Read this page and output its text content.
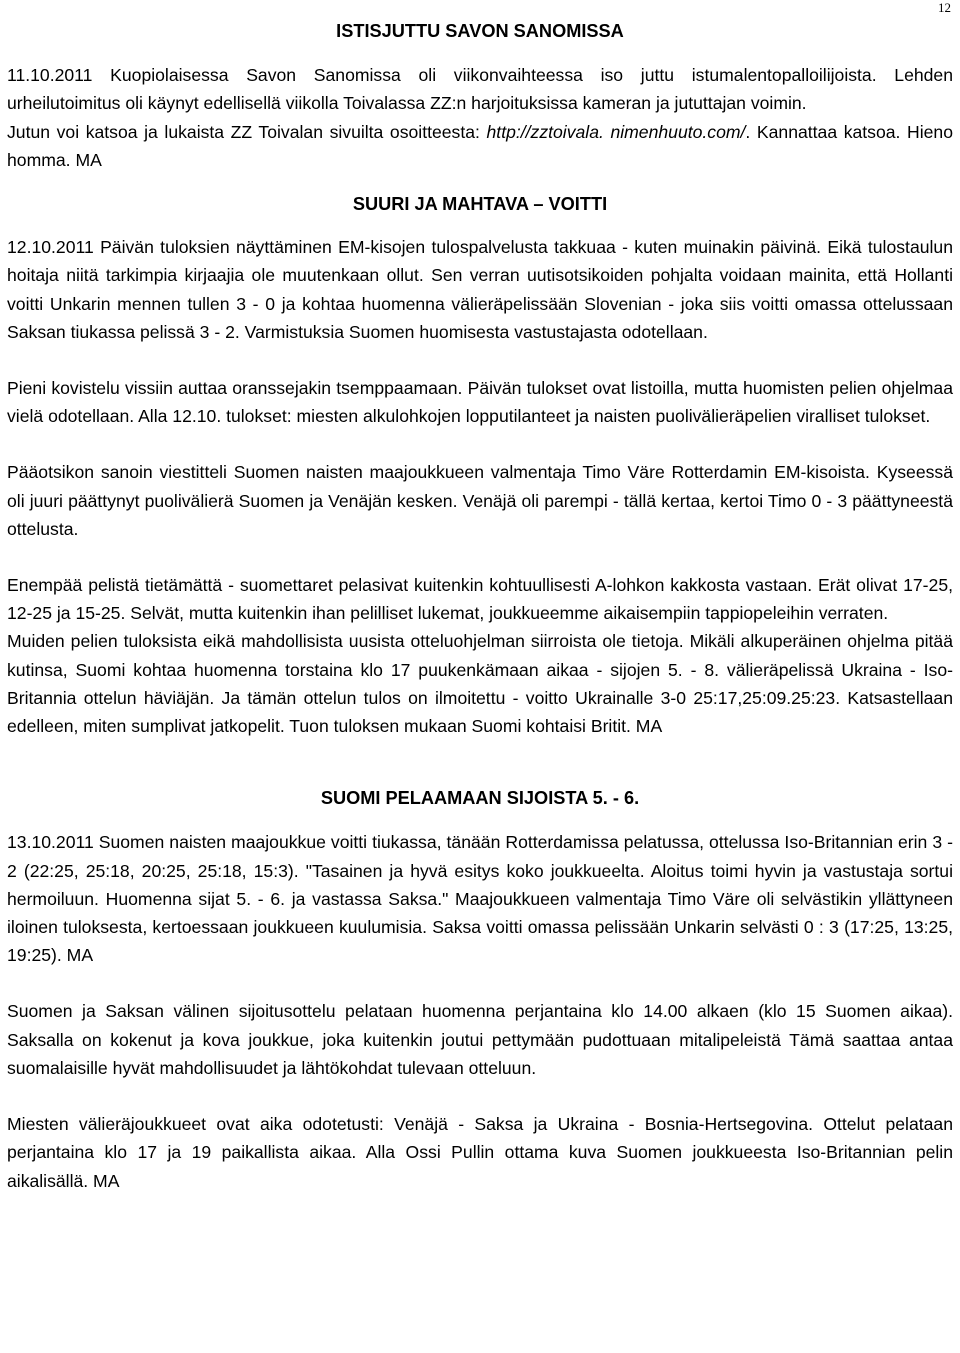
12

ISTISJUTTU SAVON SANOMISSA

11.10.2011 Kuopiolaisessa Savon Sanomissa oli viikonvaihteessa iso juttu istumalentopalloilijoista. Lehden urheilutoimitus oli käynyt edellisellä viikolla Toivalassa ZZ:n harjoituksissa kameran ja jututtajan voimin.

Jutun voi katsoa ja lukaista ZZ Toivalan sivuilta osoitteesta: http://zztoivala. nimenhuuto.com/. Kannattaa katsoa. Hieno homma. MA

SUURI JA MAHTAVA – VOITTI

12.10.2011 Päivän tuloksien näyttäminen EM-kisojen tulospalvelusta takkuaa - kuten muinakin päivinä. Eikä tulostaulun hoitaja niitä tarkimpia kirjaajia ole muutenkaan ollut. Sen verran uutisotsikoiden pohjalta voidaan mainita, että Hollanti voitti Unkarin mennen tullen 3 - 0 ja kohtaa huomenna välieräpelissään Slovenian - joka siis voitti omassa ottelussaan Saksan tiukassa pelissä 3 - 2. Varmistuksia Suomen huomisesta vastustajasta odotellaan.

Pieni kovistelu vissiin auttaa oranssejakin tsemppaamaan. Päivän tulokset ovat listoilla, mutta huomisten pelien ohjelmaa vielä odotellaan. Alla 12.10. tulokset: miesten alkulohkojen lopputilanteet ja naisten puolivälieräpelien viralliset tulokset.

Pääotsikon sanoin viestitteli Suomen naisten maajoukkueen valmentaja Timo Väre Rotterdamin EM-kisoista. Kyseessä oli juuri päättynyt puolivälierä Suomen ja Venäjän kesken. Venäjä oli parempi - tällä kertaa, kertoi Timo 0 - 3 päättyneestä ottelusta.

Enempää pelistä tietämättä - suomettaret pelasivat kuitenkin kohtuullisesti A-lohkon kakkosta vastaan. Erät olivat 17-25, 12-25 ja 15-25. Selvät, mutta kuitenkin ihan pelilliset lukemat, joukkueemme aikaisempiin tappiopeleihin verraten.

Muiden pelien tuloksista eikä mahdollisista uusista otteluohjelman siirroista ole tietoja. Mikäli alkuperäinen ohjelma pitää kutinsa, Suomi kohtaa huomenna torstaina klo 17 puukenkämaan aikaa - sijojen 5. - 8. välieräpelissä Ukraina - Iso-Britannia ottelun häviäjän. Ja tämän ottelun tulos on ilmoitettu - voitto Ukrainalle 3-0 25:17,25:09.25:23. Katsastellaan edelleen, miten sumplivat jatkopelit. Tuon tuloksen mukaan Suomi kohtaisi Britit. MA

SUOMI PELAAMAAN SIJOISTA 5. - 6.

13.10.2011 Suomen naisten maajoukkue voitti tiukassa, tänään Rotterdamissa pelatussa, ottelussa Iso-Britannian erin 3 - 2 (22:25, 25:18, 20:25, 25:18, 15:3). "Tasainen ja hyvä esitys koko joukkueelta. Aloitus toimi hyvin ja vastustaja sortui hermoiluun. Huomenna sijat 5. - 6. ja vastassa Saksa." Maajoukkueen valmentaja Timo Väre oli selvästikin yllättyneen iloinen tuloksesta, kertoessaan joukkueen kuulumisia. Saksa voitti omassa pelissään Unkarin selvästi 0 : 3 (17:25, 13:25, 19:25). MA

Suomen ja Saksan välinen sijoitusottelu pelataan huomenna perjantaina klo 14.00 alkaen (klo 15 Suomen aikaa). Saksalla on kokenut ja kova joukkue, joka kuitenkin joutui pettymään pudottuaan mitalipeleistä Tämä saattaa antaa suomalaisille hyvät mahdollisuudet ja lähtökohdat tulevaan otteluun.

Miesten välieräjoukkueet ovat aika odotetusti: Venäjä - Saksa ja Ukraina - Bosnia-Hertsegovina. Ottelut pelataan perjantaina klo 17 ja 19 paikallista aikaa. Alla Ossi Pullin ottama kuva Suomen joukkueesta Iso-Britannian pelin aikalisällä. MA
